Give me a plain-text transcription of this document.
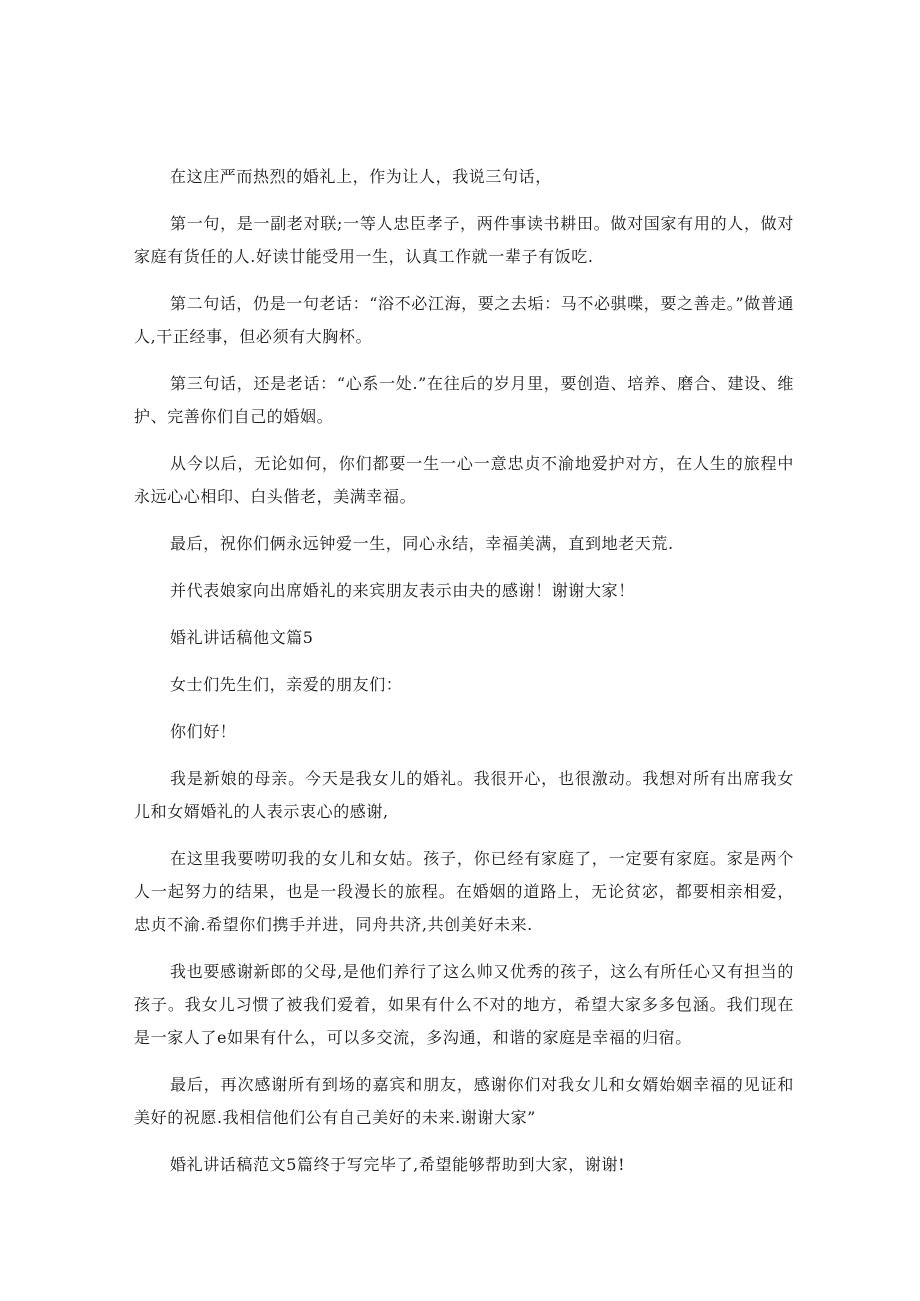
在这庄严而热烈的婚礼上，作为让人，我说三句话，

第一句，是一副老对联;一等人忠臣孝子，两件事读书耕田。做对国家有用的人，做对家庭有货任的人.好读廿能受用一生，认真工作就一辈子有饭吃.

第二句话，仍是一句老话：“浴不必江海，要之去垢：马不必骐喋，要之善走。”做普通人,干正经事，但必须有大胸杯。

第三句话，还是老话：“心系一处.”在往后的岁月里，要创造、培养、磨合、建设、维护、完善你们自己的婚姻。

从今以后，无论如何，你们都要一生一心一意忠贞不渝地爱护对方，在人生的旅程中永远心心相印、白头偕老，美满幸福。

最后，祝你们俩永远钟爱一生，同心永结，幸福美满，直到地老天荒.

并代表娘家向出席婚礼的来宾朋友表示由夬的感谢！谢谢大家！

婚礼讲话稿他文篇5

女士们先生们，亲爱的朋友们：

你们好！

我是新娘的母亲。今天是我女儿的婚礼。我很开心，也很激动。我想对所有出席我女儿和女婿婚礼的人表示衷心的感谢,

在这里我要唠叨我的女儿和女姑。孩子，你已经有家庭了，一定要有家庭。家是两个人一起努力的结果，也是一段漫长的旅程。在婚姻的道路上，无论贫宓，都要相亲相爱，忠贞不渝.希望你们携手并进，同舟共济,共创美好未来.

我也要感谢新郎的父母,是他们养行了这么帅又优秀的孩子，这么有所任心又有担当的孩子。我女儿习惯了被我们爱着，如果有什么不对的地方，希望大家多多包涵。我们现在是一家人了e如果有什么，可以多交流，多沟通，和谐的家庭是幸福的归宿。

最后，再次感谢所有到场的嘉宾和朋友，感谢你们对我女儿和女婿始姻幸福的见证和美好的祝愿.我相信他们公有自己美好的未来.谢谢大家”

婚礼讲话稿范文5篇终于写完毕了,希望能够帮助到大家，谢谢!
